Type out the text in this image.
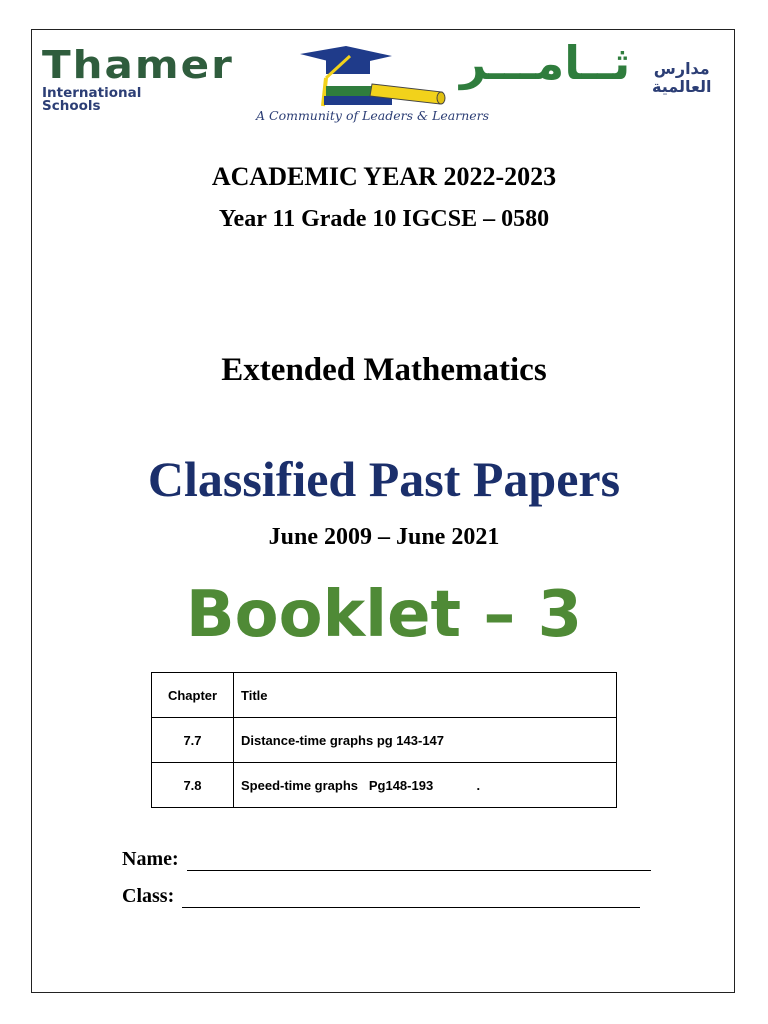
Thamer
International
Schools
A Community of Leaders & Learners
ثــامـــر مدارس
العالمية
ACADEMIC YEAR 2022-2023
Year 11 Grade 10 IGCSE – 0580
Extended Mathematics
Classified Past Papers
June 2009 – June 2021
Booklet – 3
Chapter	Title
7.7	Distance-time graphs pg 143-147
7.8	Speed-time graphs   Pg148-193            .
Name:
Class:
